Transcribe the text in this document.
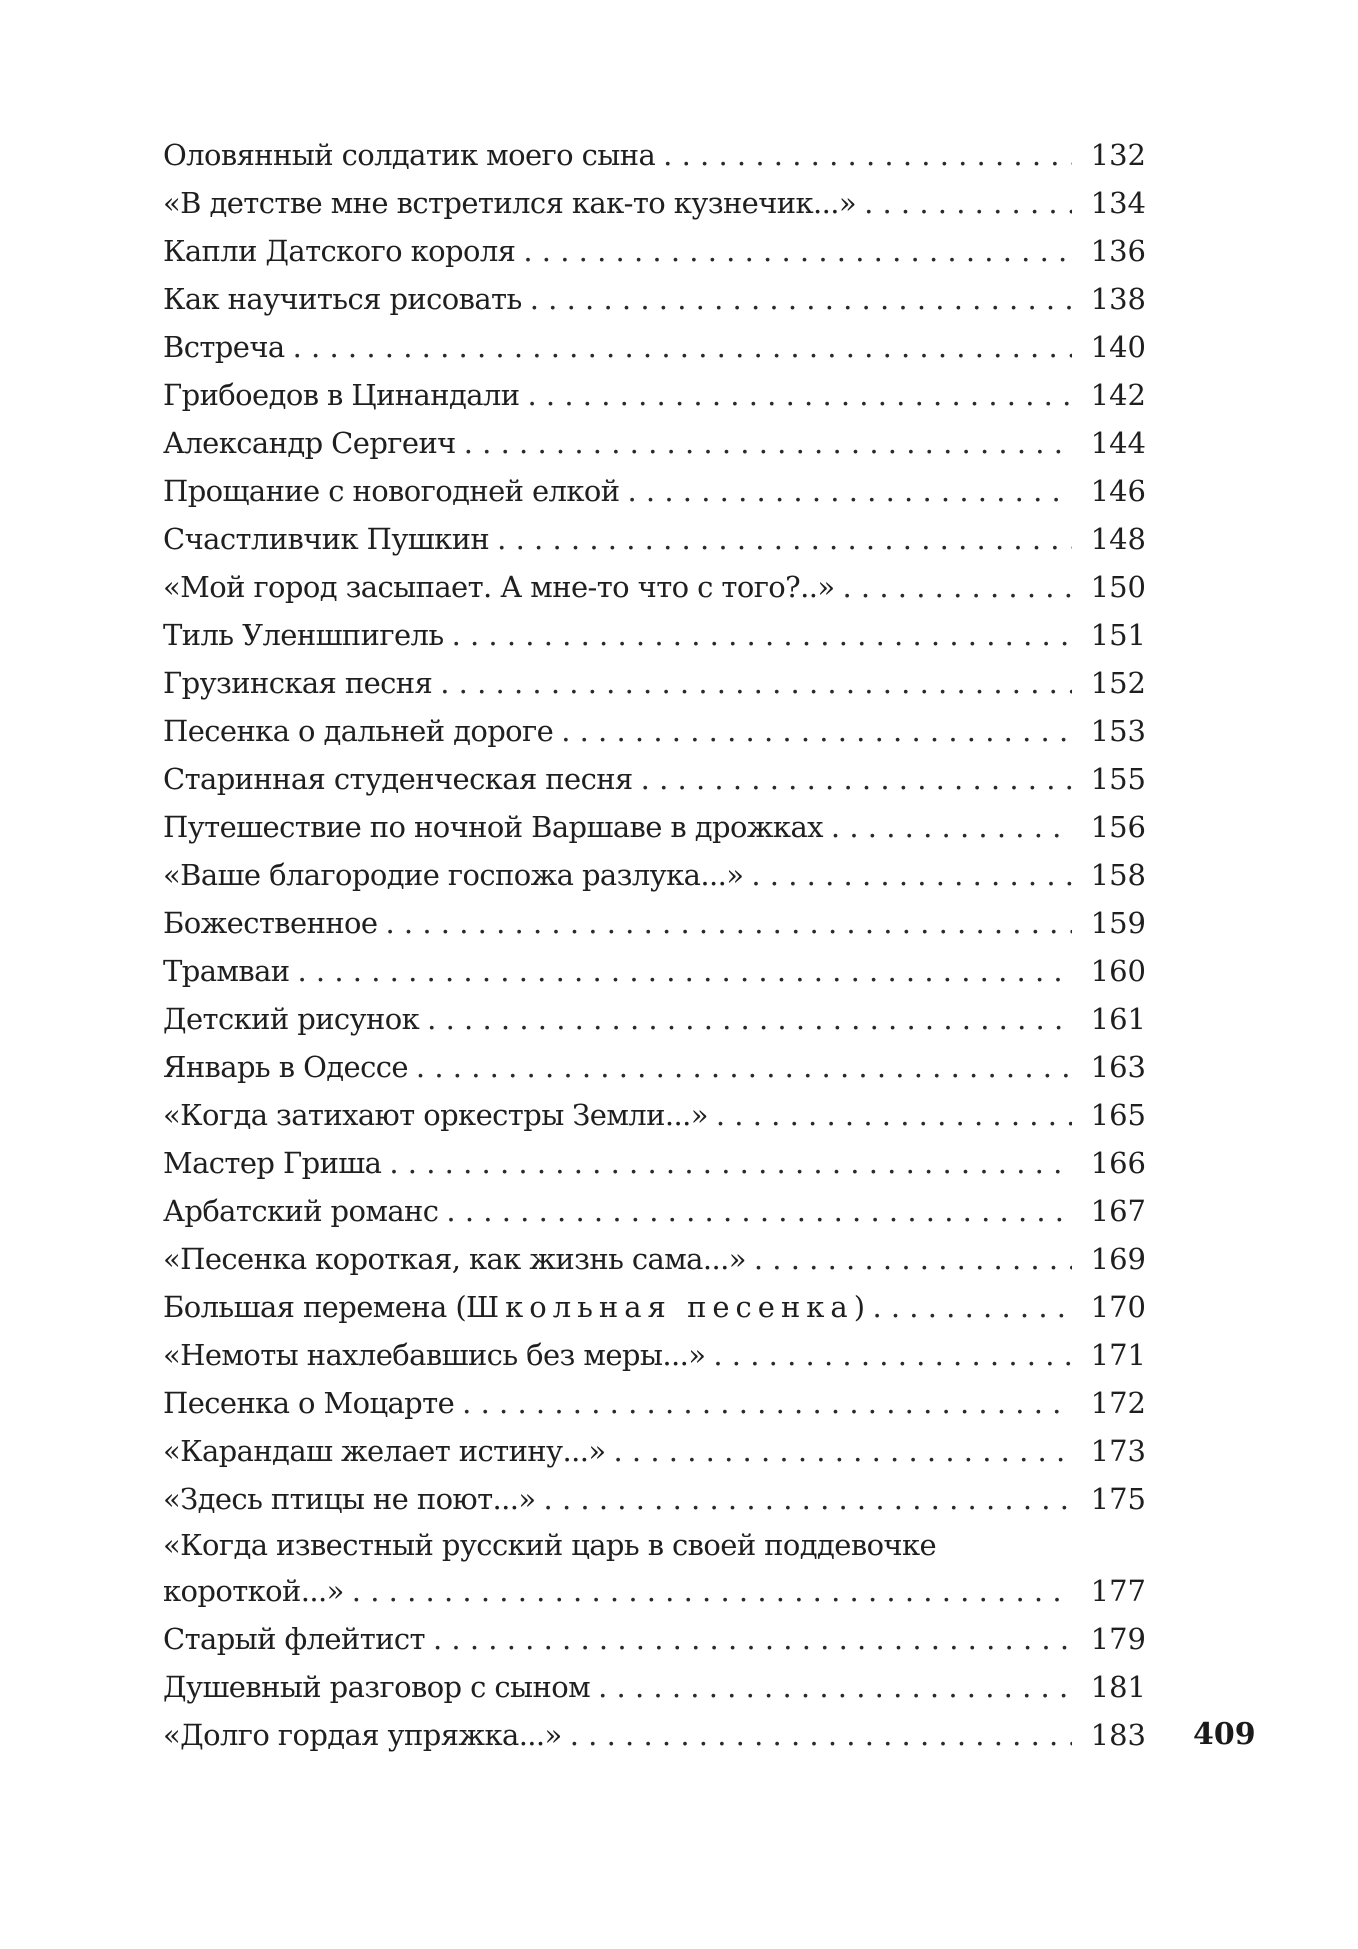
Оловянный солдатик моего сына . . .	132
«В детстве мне встретился как-то кузнечик...» . . .	134
Капли Датского короля . . .	136
Как научиться рисовать . . .	138
Встреча . . .	140
Грибоедов в Цинандали . . .	142
Александр Сергеич . . .	144
Прощание с новогодней елкой . . .	146
Счастливчик Пушкин . . .	148
«Мой город засыпает. А мне-то что с того?..» . . .	150
Тиль Уленшпигель . . .	151
Грузинская песня . . .	152
Песенка о дальней дороге . . .	153
Старинная студенческая песня . . .	155
Путешествие по ночной Варшаве в дрожках . . .	156
«Ваше благородие госпожа разлука...» . . .	158
Божественное . . .	159
Трамваи . . .	160
Детский рисунок . . .	161
Январь в Одессе . . .	163
«Когда затихают оркестры Земли...» . . .	165
Мастер Гриша . . .	166
Арбатский романс . . .	167
«Песенка короткая, как жизнь сама...» . . .	169
Большая перемена (Школьная песенка) . . .	170
«Немоты нахлебавшись без меры...» . . .	171
Песенка о Моцарте . . .	172
«Карандаш желает истину...» . . .	173
«Здесь птицы не поют...» . . .	175
«Когда известный русский царь в своей поддевочке
короткой...» . . .	177
Старый флейтист . . .	179
Душевный разговор с сыном . . .	181
«Долго гордая упряжка...» . . .	183 409
